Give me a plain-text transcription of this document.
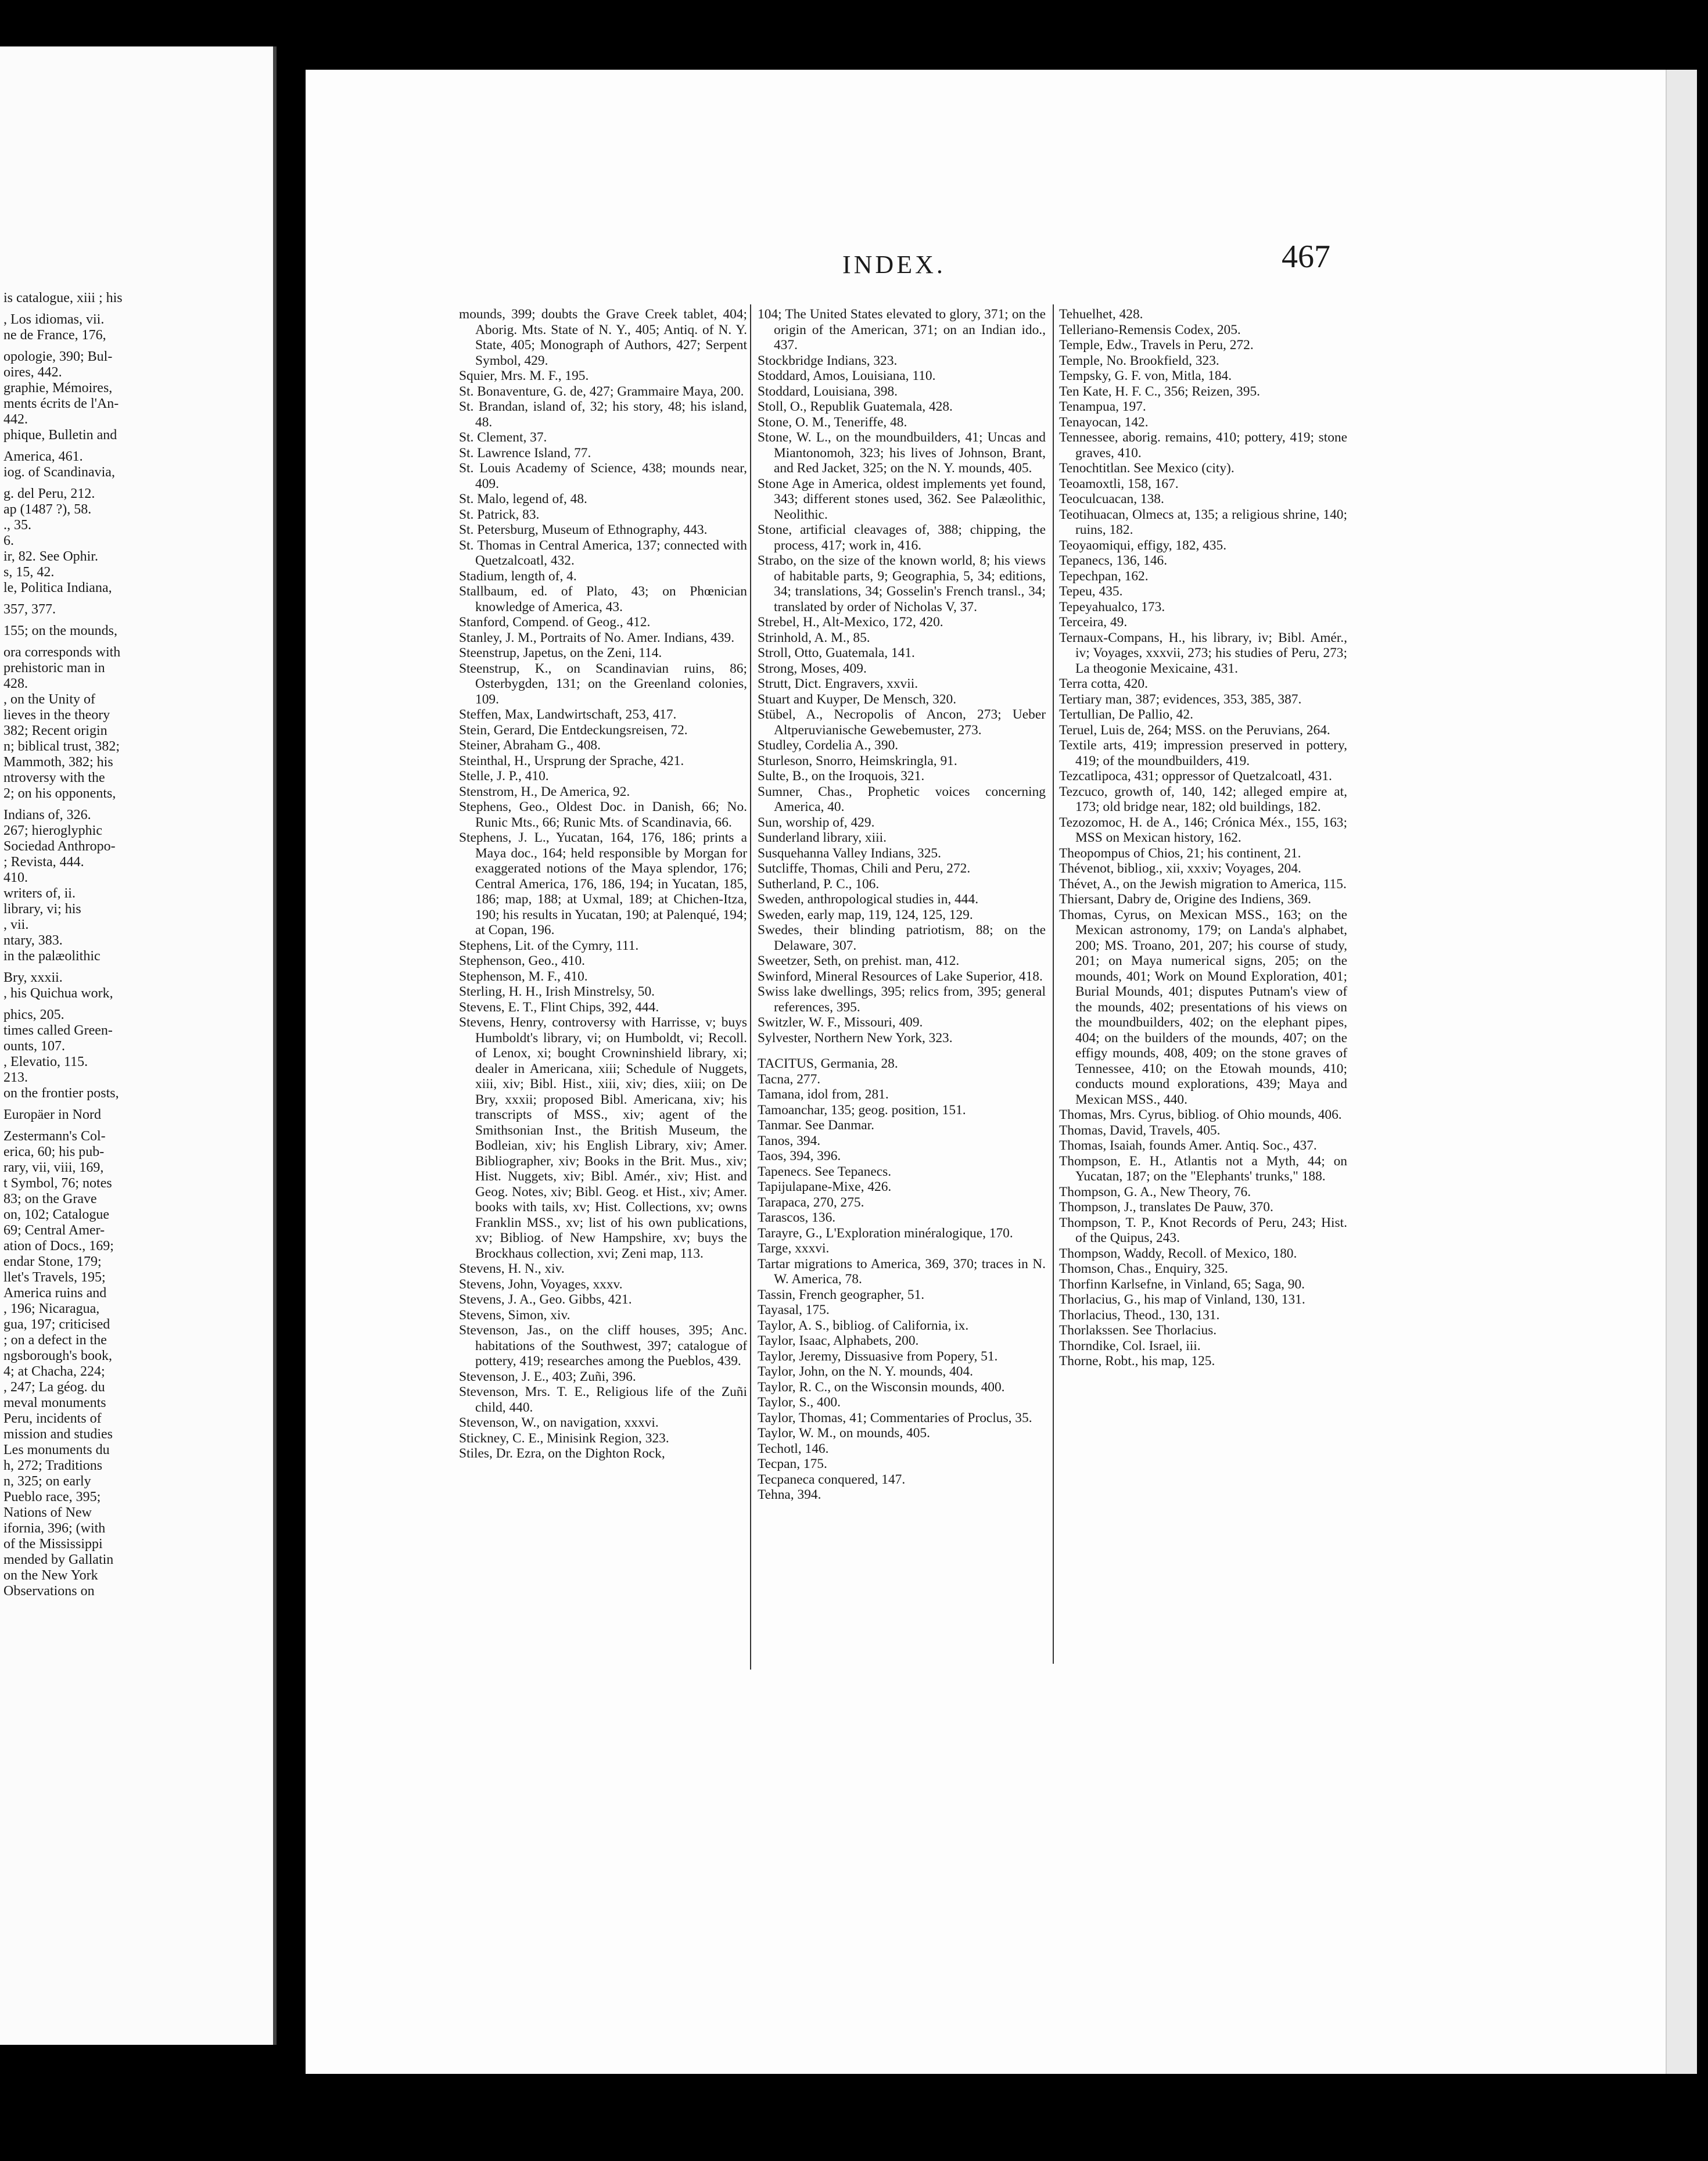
is catalogue, xiii ; his
, Los idiomas, vii.
ne de France, 176,
opologie, 390; Bul-
oires, 442.
graphie, Mémoires,
ments écrits de l'An-
442.
phique, Bulletin and
America, 461.
iog. of Scandinavia,
g. del Peru, 212.
ap (1487 ?), 58.
., 35.
6.
ir, 82. See Ophir.
s, 15, 42.
le, Politica Indiana,
357, 377.
155; on the mounds,
ora corresponds with
prehistoric man in
428.
, on the Unity of
lieves in the theory
382; Recent origin
n; biblical trust, 382;
Mammoth, 382; his
ntroversy with the
2; on his opponents,
Indians of, 326.
267; hieroglyphic
Sociedad Anthropo-
; Revista, 444.
410.
writers of, ii.
library, vi; his
, vii.
ntary, 383.
in the palæolithic
Bry, xxxii.
, his Quichua work,
phics, 205.
times called Green-
ounts, 107.
, Elevatio, 115.
213.
on the frontier posts,
Europäer in Nord
Zestermann's Col-
erica, 60; his pub-
rary, vii, viii, 169,
t Symbol, 76; notes
83; on the Grave
on, 102; Catalogue
69; Central Amer-
ation of Docs., 169;
endar Stone, 179;
llet's Travels, 195;
America ruins and
, 196; Nicaragua,
gua, 197; criticised
; on a defect in the
ngsborough's book,
4; at Chacha, 224;
, 247; La géog. du
meval monuments
Peru, incidents of
mission and studies
Les monuments du
h, 272; Traditions
n, 325; on early
Pueblo race, 395;
Nations of New
ifornia, 396; (with
of the Mississippi
mended by Gallatin
on the New York
Observations on
INDEX.	467
mounds, 399; doubts the Grave Creek tablet, 404; Aborig. Mts. State of N. Y., 405; Antiq. of N. Y. State, 405; Monograph of Authors, 427; Serpent Symbol, 429.
Squier, Mrs. M. F., 195.
St. Bonaventure, G. de, 427; Grammaire Maya, 200.
St. Brandan, island of, 32; his story, 48; his island, 48.
St. Clement, 37.
St. Lawrence Island, 77.
St. Louis Academy of Science, 438; mounds near, 409.
St. Malo, legend of, 48.
St. Patrick, 83.
St. Petersburg, Museum of Ethnography, 443.
St. Thomas in Central America, 137; connected with Quetzalcoatl, 432.
Stadium, length of, 4.
Stallbaum, ed. of Plato, 43; on Phœnician knowledge of America, 43.
Stanford, Compend. of Geog., 412.
Stanley, J. M., Portraits of No. Amer. Indians, 439.
Steenstrup, Japetus, on the Zeni, 114.
Steenstrup, K., on Scandinavian ruins, 86; Osterbygden, 131; on the Greenland colonies, 109.
Steffen, Max, Landwirtschaft, 253, 417.
Stein, Gerard, Die Entdeckungsreisen, 72.
Steiner, Abraham G., 408.
Steinthal, H., Ursprung der Sprache, 421.
Stelle, J. P., 410.
Stenstrom, H., De America, 92.
Stephens, Geo., Oldest Doc. in Danish, 66; No. Runic Mts., 66; Runic Mts. of Scandinavia, 66.
Stephens, J. L., Yucatan, 164, 176, 186; prints a Maya doc., 164; held responsible by Morgan for exaggerated notions of the Maya splendor, 176; Central America, 176, 186, 194; in Yucatan, 185, 186; map, 188; at Uxmal, 189; at Chichen-Itza, 190; his results in Yucatan, 190; at Palenqué, 194; at Copan, 196.
Stephens, Lit. of the Cymry, 111.
Stephenson, Geo., 410.
Stephenson, M. F., 410.
Sterling, H. H., Irish Minstrelsy, 50.
Stevens, E. T., Flint Chips, 392, 444.
Stevens, Henry, controversy with Harrisse, v; buys Humboldt's library, vi; on Humboldt, vi; Recoll. of Lenox, xi; bought Crowninshield library, xi; dealer in Americana, xiii; Schedule of Nuggets, xiii, xiv; Bibl. Hist., xiii, xiv; dies, xiii; on De Bry, xxxii; proposed Bibl. Americana, xiv; his transcripts of MSS., xiv; agent of the Smithsonian Inst., the British Museum, the Bodleian, xiv; his English Library, xiv; Amer. Bibliographer, xiv; Books in the Brit. Mus., xiv; Hist. Nuggets, xiv; Bibl. Amér., xiv; Hist. and Geog. Notes, xiv; Bibl. Geog. et Hist., xiv; Amer. books with tails, xv; Hist. Collections, xv; owns Franklin MSS., xv; list of his own publications, xv; Bibliog. of New Hampshire, xv; buys the Brockhaus collection, xvi; Zeni map, 113.
Stevens, H. N., xiv.
Stevens, John, Voyages, xxxv.
Stevens, J. A., Geo. Gibbs, 421.
Stevens, Simon, xiv.
Stevenson, Jas., on the cliff houses, 395; Anc. habitations of the Southwest, 397; catalogue of pottery, 419; researches among the Pueblos, 439.
Stevenson, J. E., 403; Zuñi, 396.
Stevenson, Mrs. T. E., Religious life of the Zuñi child, 440.
Stevenson, W., on navigation, xxxvi.
Stickney, C. E., Minisink Region, 323.
Stiles, Dr. Ezra, on the Dighton Rock,
104; The United States elevated to glory, 371; on the origin of the American, 371; on an Indian ido., 437.
Stockbridge Indians, 323.
Stoddard, Amos, Louisiana, 110.
Stoddard, Louisiana, 398.
Stoll, O., Republik Guatemala, 428.
Stone, O. M., Teneriffe, 48.
Stone, W. L., on the moundbuilders, 41; Uncas and Miantonomoh, 323; his lives of Johnson, Brant, and Red Jacket, 325; on the N. Y. mounds, 405.
Stone Age in America, oldest implements yet found, 343; different stones used, 362. See Palæolithic, Neolithic.
Stone, artificial cleavages of, 388; chipping, the process, 417; work in, 416.
Strabo, on the size of the known world, 8; his views of habitable parts, 9; Geographia, 5, 34; editions, 34; translations, 34; Gosselin's French transl., 34; translated by order of Nicholas V, 37.
Strebel, H., Alt-Mexico, 172, 420.
Strinhold, A. M., 85.
Stroll, Otto, Guatemala, 141.
Strong, Moses, 409.
Strutt, Dict. Engravers, xxvii.
Stuart and Kuyper, De Mensch, 320.
Stübel, A., Necropolis of Ancon, 273; Ueber Altperuvianische Gewebemuster, 273.
Studley, Cordelia A., 390.
Sturleson, Snorro, Heimskringla, 91.
Sulte, B., on the Iroquois, 321.
Sumner, Chas., Prophetic voices concerning America, 40.
Sun, worship of, 429.
Sunderland library, xiii.
Susquehanna Valley Indians, 325.
Sutcliffe, Thomas, Chili and Peru, 272.
Sutherland, P. C., 106.
Sweden, anthropological studies in, 444.
Sweden, early map, 119, 124, 125, 129.
Swedes, their blinding patriotism, 88; on the Delaware, 307.
Sweetzer, Seth, on prehist. man, 412.
Swinford, Mineral Resources of Lake Superior, 418.
Swiss lake dwellings, 395; relics from, 395; general references, 395.
Switzler, W. F., Missouri, 409.
Sylvester, Northern New York, 323.
TACITUS, Germania, 28.
Tacna, 277.
Tamana, idol from, 281.
Tamoanchar, 135; geog. position, 151.
Tanmar. See Danmar.
Tanos, 394.
Taos, 394, 396.
Tapenecs. See Tepanecs.
Tapijulapane-Mixe, 426.
Tarapaca, 270, 275.
Tarascos, 136.
Tarayre, G., L'Exploration minéralogique, 170.
Targe, xxxvi.
Tartar migrations to America, 369, 370; traces in N. W. America, 78.
Tassin, French geographer, 51.
Tayasal, 175.
Taylor, A. S., bibliog. of California, ix.
Taylor, Isaac, Alphabets, 200.
Taylor, Jeremy, Dissuasive from Popery, 51.
Taylor, John, on the N. Y. mounds, 404.
Taylor, R. C., on the Wisconsin mounds, 400.
Taylor, S., 400.
Taylor, Thomas, 41; Commentaries of Proclus, 35.
Taylor, W. M., on mounds, 405.
Techotl, 146.
Tecpan, 175.
Tecpaneca conquered, 147.
Tehna, 394.
Tehuelhet, 428.
Telleriano-Remensis Codex, 205.
Temple, Edw., Travels in Peru, 272.
Temple, No. Brookfield, 323.
Tempsky, G. F. von, Mitla, 184.
Ten Kate, H. F. C., 356; Reizen, 395.
Tenampua, 197.
Tenayocan, 142.
Tennessee, aborig. remains, 410; pottery, 419; stone graves, 410.
Tenochtitlan. See Mexico (city).
Teoamoxtli, 158, 167.
Teoculcuacan, 138.
Teotihuacan, Olmecs at, 135; a religious shrine, 140; ruins, 182.
Teoyaomiqui, effigy, 182, 435.
Tepanecs, 136, 146.
Tepechpan, 162.
Tepeu, 435.
Tepeyahualco, 173.
Terceira, 49.
Ternaux-Compans, H., his library, iv; Bibl. Amér., iv; Voyages, xxxvii, 273; his studies of Peru, 273; La theogonie Mexicaine, 431.
Terra cotta, 420.
Tertiary man, 387; evidences, 353, 385, 387.
Tertullian, De Pallio, 42.
Teruel, Luis de, 264; MSS. on the Peruvians, 264.
Textile arts, 419; impression preserved in pottery, 419; of the moundbuilders, 419.
Tezcatlipoca, 431; oppressor of Quetzalcoatl, 431.
Tezcuco, growth of, 140, 142; alleged empire at, 173; old bridge near, 182; old buildings, 182.
Tezozomoc, H. de A., 146; Crónica Méx., 155, 163; MSS on Mexican history, 162.
Theopompus of Chios, 21; his continent, 21.
Thévenot, bibliog., xii, xxxiv; Voyages, 204.
Thévet, A., on the Jewish migration to America, 115.
Thiersant, Dabry de, Origine des Indiens, 369.
Thomas, Cyrus, on Mexican MSS., 163; on the Mexican astronomy, 179; on Landa's alphabet, 200; MS. Troano, 201, 207; his course of study, 201; on Maya numerical signs, 205; on the mounds, 401; Work on Mound Exploration, 401; Burial Mounds, 401; disputes Putnam's view of the mounds, 402; presentations of his views on the moundbuilders, 402; on the elephant pipes, 404; on the builders of the mounds, 407; on the effigy mounds, 408, 409; on the stone graves of Tennessee, 410; on the Etowah mounds, 410; conducts mound explorations, 439; Maya and Mexican MSS., 440.
Thomas, Mrs. Cyrus, bibliog. of Ohio mounds, 406.
Thomas, David, Travels, 405.
Thomas, Isaiah, founds Amer. Antiq. Soc., 437.
Thompson, E. H., Atlantis not a Myth, 44; on Yucatan, 187; on the "Elephants' trunks," 188.
Thompson, G. A., New Theory, 76.
Thompson, J., translates De Pauw, 370.
Thompson, T. P., Knot Records of Peru, 243; Hist. of the Quipus, 243.
Thompson, Waddy, Recoll. of Mexico, 180.
Thomson, Chas., Enquiry, 325.
Thorfinn Karlsefne, in Vinland, 65; Saga, 90.
Thorlacius, G., his map of Vinland, 130, 131.
Thorlacius, Theod., 130, 131.
Thorlakssen. See Thorlacius.
Thorndike, Col. Israel, iii.
Thorne, Robt., his map, 125.
